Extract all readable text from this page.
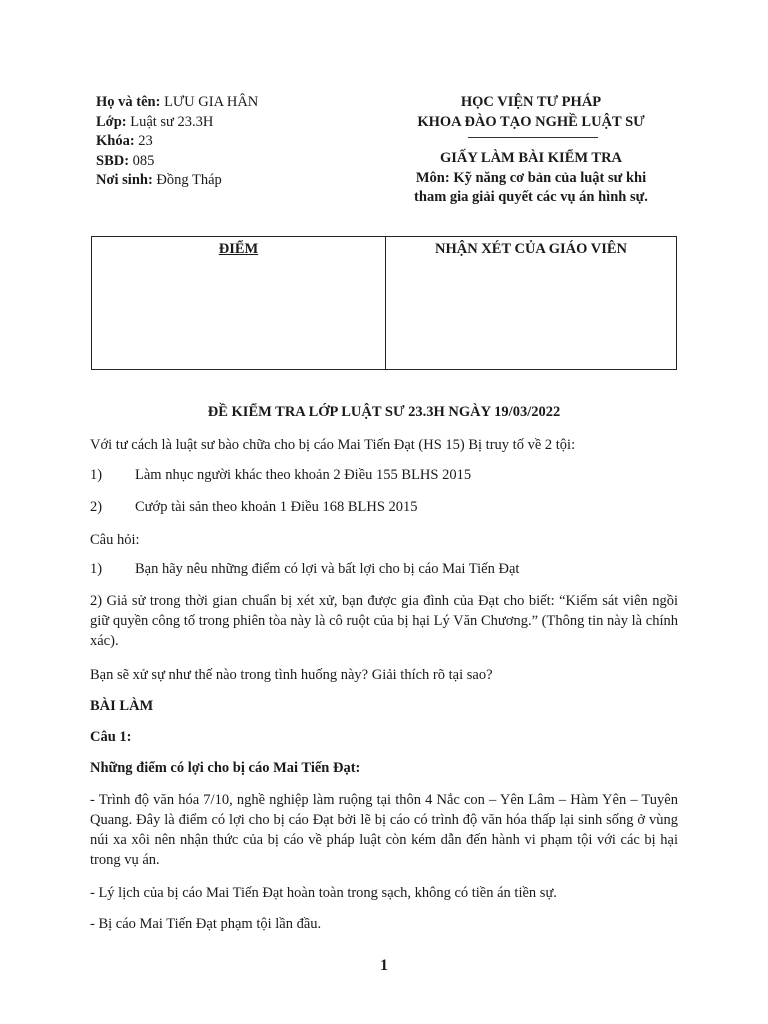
Họ và tên: LƯU GIA HÂN
Lớp: Luật sư 23.3H
Khóa: 23
SBD: 085
Nơi sinh: Đồng Tháp
HỌC VIỆN TƯ PHÁP
KHOA ĐÀO TẠO NGHỀ LUẬT SƯ
GIẤY LÀM BÀI KIỂM TRA
Môn: Kỹ năng cơ bản của luật sư khi
tham gia giải quyết các vụ án hình sự.
ĐIỂM	NHẬN XÉT CỦA GIÁO VIÊN
ĐỀ KIỂM TRA LỚP LUẬT SƯ 23.3H NGÀY 19/03/2022
Với tư cách là luật sư bào chữa cho bị cáo Mai Tiến Đạt (HS 15) Bị truy tố về 2 tội:
1) Làm nhục người khác theo khoản 2 Điều 155 BLHS 2015
2) Cướp tài sản theo khoản 1 Điều 168 BLHS 2015
Câu hỏi:
1) Bạn hãy nêu những điểm có lợi và bất lợi cho bị cáo Mai Tiến Đạt
2) Giả sử trong thời gian chuẩn bị xét xử, bạn được gia đình của Đạt cho biết: “Kiểm sát viên ngồi giữ quyền công tố trong phiên tòa này là cô ruột của bị hại Lý Văn Chương.” (Thông tin này là chính xác).
Bạn sẽ xử sự như thế nào trong tình huống này? Giải thích rõ tại sao?
BÀI LÀM
Câu 1:
Những điểm có lợi cho bị cáo Mai Tiến Đạt:
- Trình độ văn hóa 7/10, nghề nghiệp làm ruộng tại thôn 4 Nắc con – Yên Lâm – Hàm Yên – Tuyên Quang. Đây là điểm có lợi cho bị cáo Đạt bởi lẽ bị cáo có trình độ văn hóa thấp lại sinh sống ở vùng núi xa xôi nên nhận thức của bị cáo về pháp luật còn kém dẫn đến hành vi phạm tội với các bị hại trong vụ án.
- Lý lịch của bị cáo Mai Tiến Đạt hoàn toàn trong sạch, không có tiền án tiền sự.
- Bị cáo Mai Tiến Đạt phạm tội lần đầu.
1
